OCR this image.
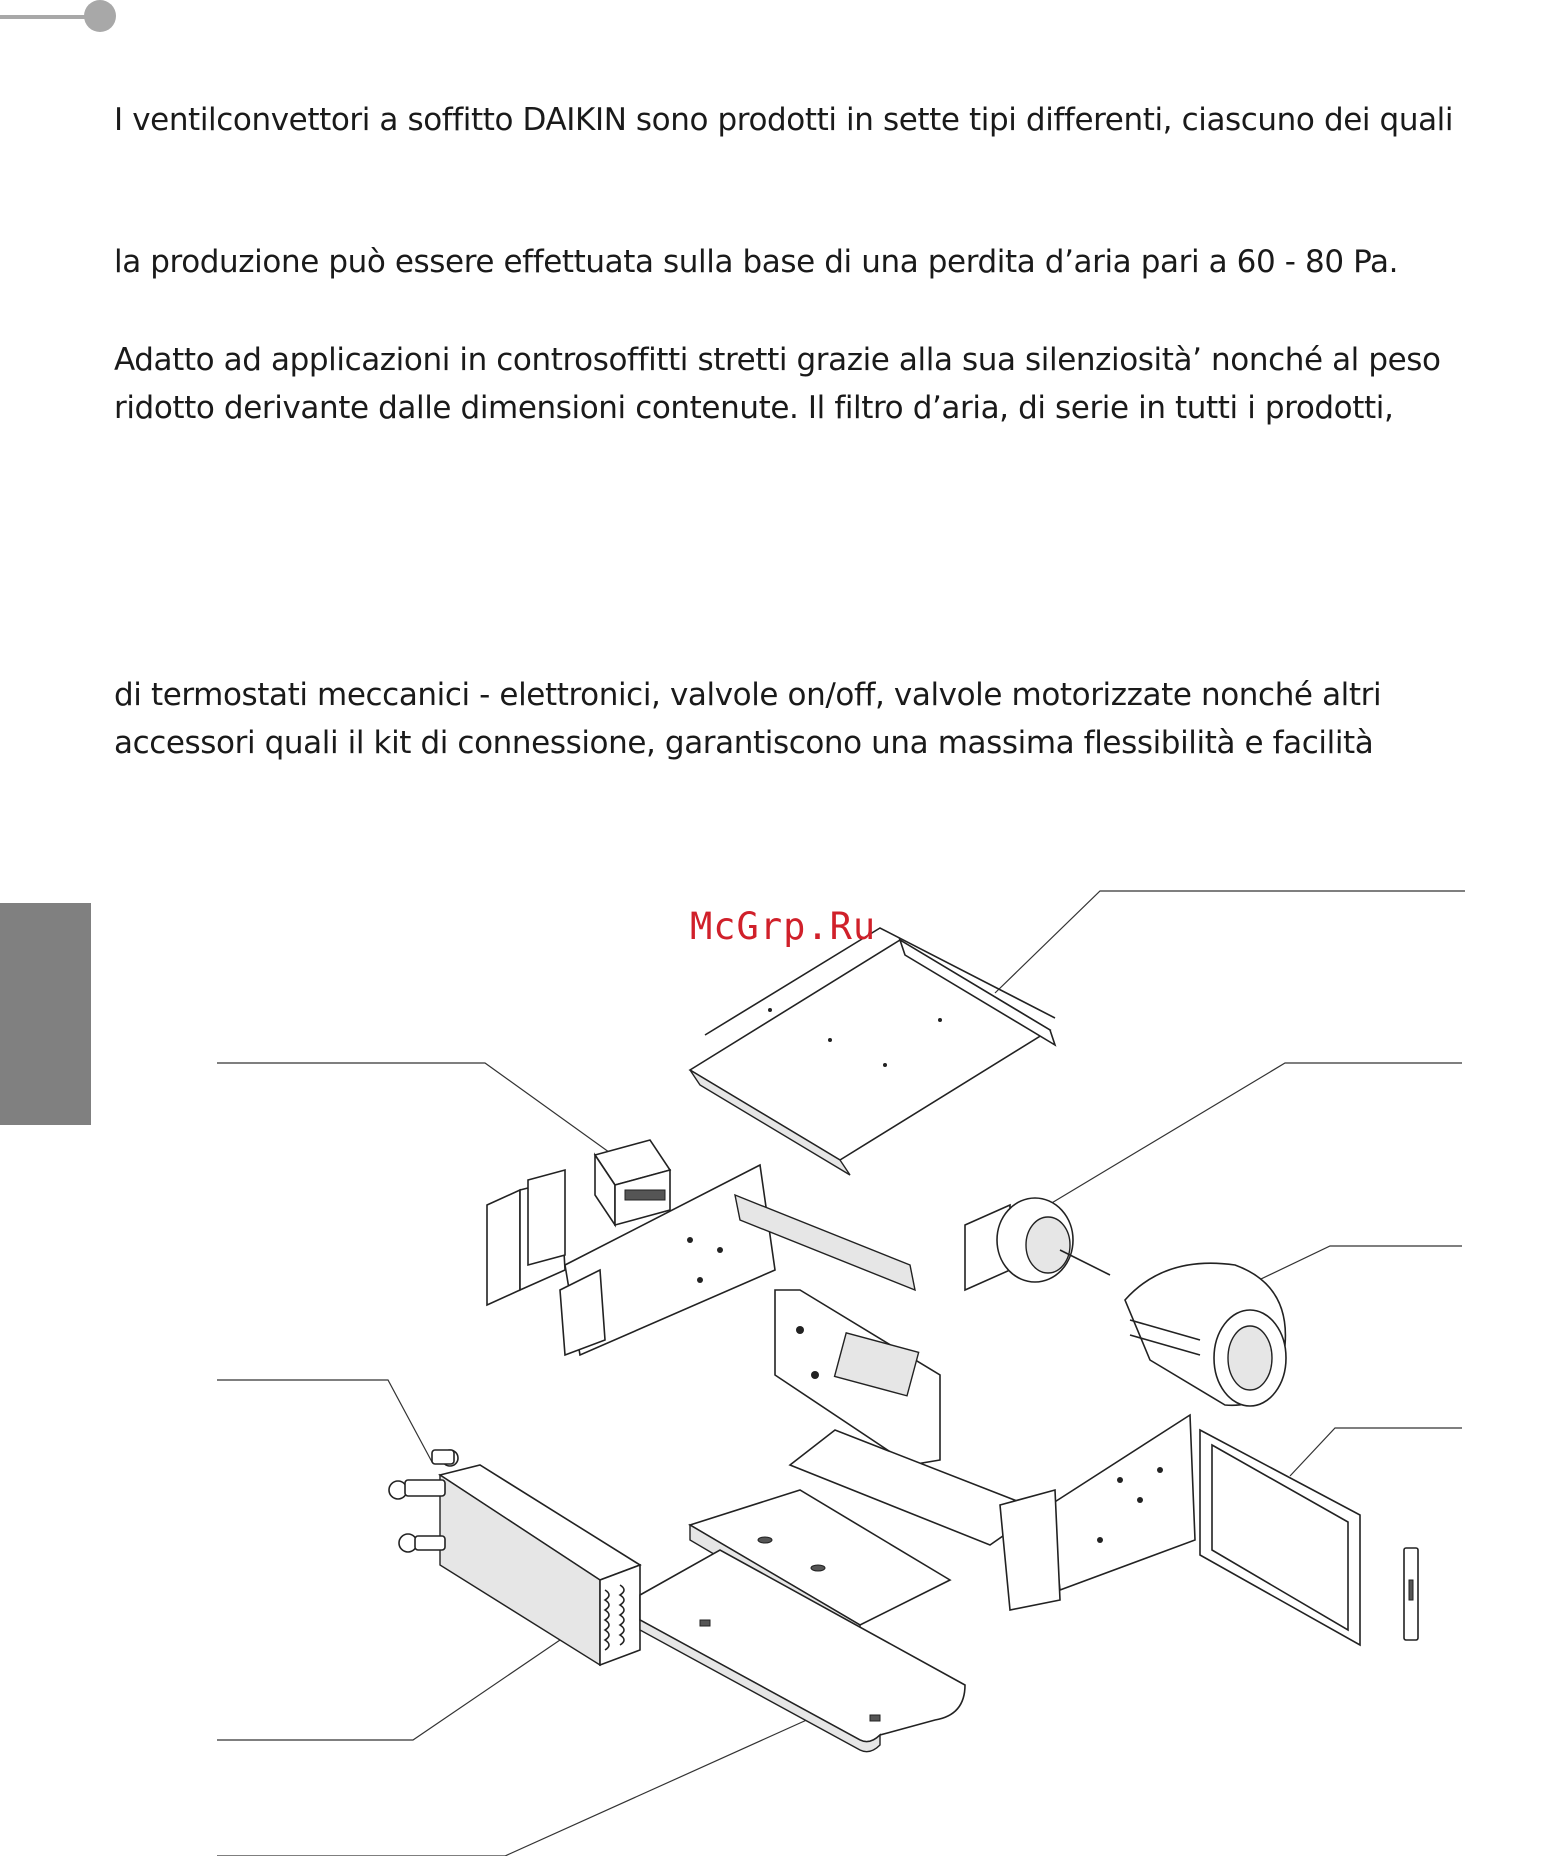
I ventilconvettori a soffitto DAIKIN sono prodotti in sette tipi differenti, ciascuno dei quali

la produzione può essere effettuata sulla base di una perdita d’aria pari a 60 - 80 Pa.

Adatto ad applicazioni in controsoffitti stretti grazie alla sua silenziosità’ nonché al peso
ridotto derivante dalle dimensioni contenute. Il filtro d’aria, di serie in tutti i prodotti,

di termostati meccanici - elettronici, valvole on/off, valvole motorizzate nonché altri
accessori quali il kit di connessione, garantiscono una massima flessibilità e facilità

McGrp.Ru
